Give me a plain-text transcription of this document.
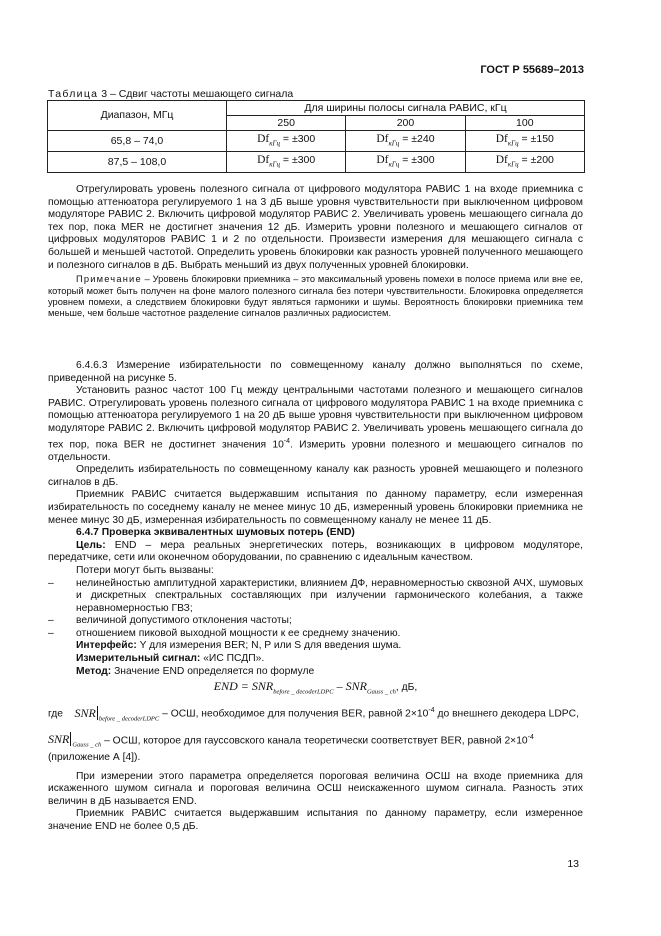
ГОСТ Р 55689–2013
Таблица 3 – Сдвиг частоты мешающего сигнала
Диапазон, МГц	Для ширины полосы сигнала РАВИС, кГц		
	250	200	100
65,8 – 74,0	$Df_{кГц} = \pm 300$	$Df_{кГц} = \pm 240$	$Df_{кГц} = \pm 150$
87,5 – 108,0	$Df_{кГц} = \pm 300$	$Df_{кГц} = \pm 300$	$Df_{кГц} = \pm 200$

Отрегулировать уровень полезного сигнала от цифрового модулятора РАВИС 1 на входе приемника с помощью аттенюатора регулируемого 1 на 3 дБ выше уровня чувствительности при выключенном цифровом модуляторе РАВИС 2. Включить цифровой модулятор РАВИС 2. Увеличивать уровень мешающего сигнала до тех пор, пока MER не достигнет значения 12 дБ. Измерить уровни полезного и мешающего сигналов от цифровых модуляторов РАВИС 1 и 2 по отдельности. Произвести измерения для мешающего сигнала с большей и меньшей частотой. Определить уровень блокировки как разность уровней полученного мешающего и полезного сигналов в дБ. Выбрать меньший из двух полученных уровней блокировки.

Примечание – Уровень блокировки приемника – это максимальный уровень помехи в полосе приема или вне ее, который может быть получен на фоне малого полезного сигнала без потери чувствительности. Блокировка определяется уровнем помехи, а следствием блокировки будут являться гармоники и шумы. Вероятность блокировки приемника тем меньше, чем больше частотное разделение сигналов различных радиосистем.

6.4.6.3 Измерение избирательности по совмещенному каналу должно выполняться по схеме, приведенной на рисунке 5.

Установить разнос частот 100 Гц между центральными частотами полезного и мешающего сигналов РАВИС. Отрегулировать уровень полезного сигнала от цифрового модулятора РАВИС 1 на входе приемника с помощью аттенюатора регулируемого 1 на 20 дБ выше уровня чувствительности при выключенном цифровом модуляторе РАВИС 2. Включить цифровой модулятор РАВИС 2. Увеличивать уровень мешающего сигнала до тех пор, пока BER не достигнет значения $10^{-4}$. Измерить уровни полезного и мешающего сигналов по отдельности.

Определить избирательность по совмещенному каналу как разность уровней мешающего и полезного сигналов в дБ.

Приемник РАВИС считается выдержавшим испытания по данному параметру, если измеренная избирательность по соседнему каналу не менее минус 10 дБ, измеренный уровень блокировки приемника не менее минус 30 дБ, измеренная избирательность по совмещенному каналу не менее 11 дБ.

6.4.7 Проверка эквивалентных шумовых потерь (END)

Цель: END – мера реальных энергетических потерь, возникающих в цифровом модуляторе, передатчике, сети или оконечном оборудовании, по сравнению с идеальным качеством.

Потери могут быть вызваны:

– нелинейностью амплитудной характеристики, влиянием ДФ, неравномерностью сквозной АЧХ, шумовых и дискретных спектральных составляющих при излучении гармонического колебания, а также неравномерностью ГВЗ;

– величиной допустимого отклонения частоты;

– отношением пиковой выходной мощности к ее среднему значению.

Интерфейс: Y для измерения BER; N, P или S для введения шума.

Измерительный сигнал: «ИС ПСДП».

Метод: Значение END определяется по формуле

END = $SNR_{before \_ decoderLDPC} - SNR_{Gauss \_ ch}$, дБ,

где SNR $_{before \_ decoderLDPC}$ – ОСШ, необходимое для получения BER, равной $2\times 10^{-4}$ до внешнего декодера LDPC,

SNR $_{Gauss \_ ch}$ – ОСШ, которое для гауссовского канала теоретически соответствует BER, равной $2\times 10^{-4}$
(приложение А [4]).

При измерении этого параметра определяется пороговая величина ОСШ на входе приемника для искаженного шумом сигнала и пороговая величина ОСШ неискаженного шумом сигнала. Разность этих величин в дБ называется END.

Приемник РАВИС считается выдержавшим испытания по данному параметру, если измеренное значение END не более 0,5 дБ.

13
